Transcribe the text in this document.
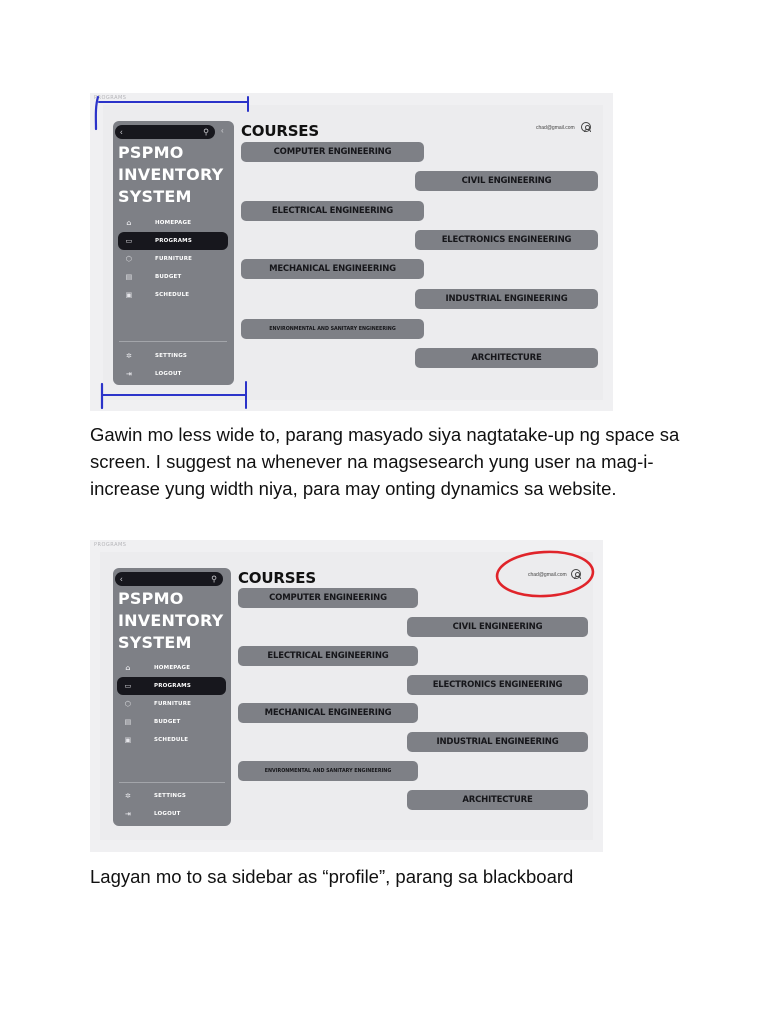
PROGRAMS
‹	⚲ ‹
PSPMO
INVENTORY
SYSTEM
⌂	HOMEPAGE
▭	PROGRAMS
⬡	FURNITURE
▤	BUDGET
▣	SCHEDULE
✲	SETTINGS
⇥	LOGOUT
COURSES	chad@gmail.com
COMPUTER ENGINEERING
CIVIL ENGINEERING
ELECTRICAL ENGINEERING
ELECTRONICS ENGINEERING
MECHANICAL ENGINEERING
INDUSTRIAL ENGINEERING
ENVIRONMENTAL AND SANITARY ENGINEERING
ARCHITECTURE
Gawin mo less wide to, parang masyado siya nagtatake-up ng space sa screen. I suggest na whenever na magsesearch yung user na mag-i-increase yung width niya, para may onting dynamics sa website.
PROGRAMS
‹	⚲
PSPMO
INVENTORY
SYSTEM
⌂	HOMEPAGE
▭	PROGRAMS
⬡	FURNITURE
▤	BUDGET
▣	SCHEDULE
✲	SETTINGS
⇥	LOGOUT
COURSES	chad@gmail.com
COMPUTER ENGINEERING
CIVIL ENGINEERING
ELECTRICAL ENGINEERING
ELECTRONICS ENGINEERING
MECHANICAL ENGINEERING
INDUSTRIAL ENGINEERING
ENVIRONMENTAL AND SANITARY ENGINEERING
ARCHITECTURE
Lagyan mo to sa sidebar as “profile”, parang sa blackboard
